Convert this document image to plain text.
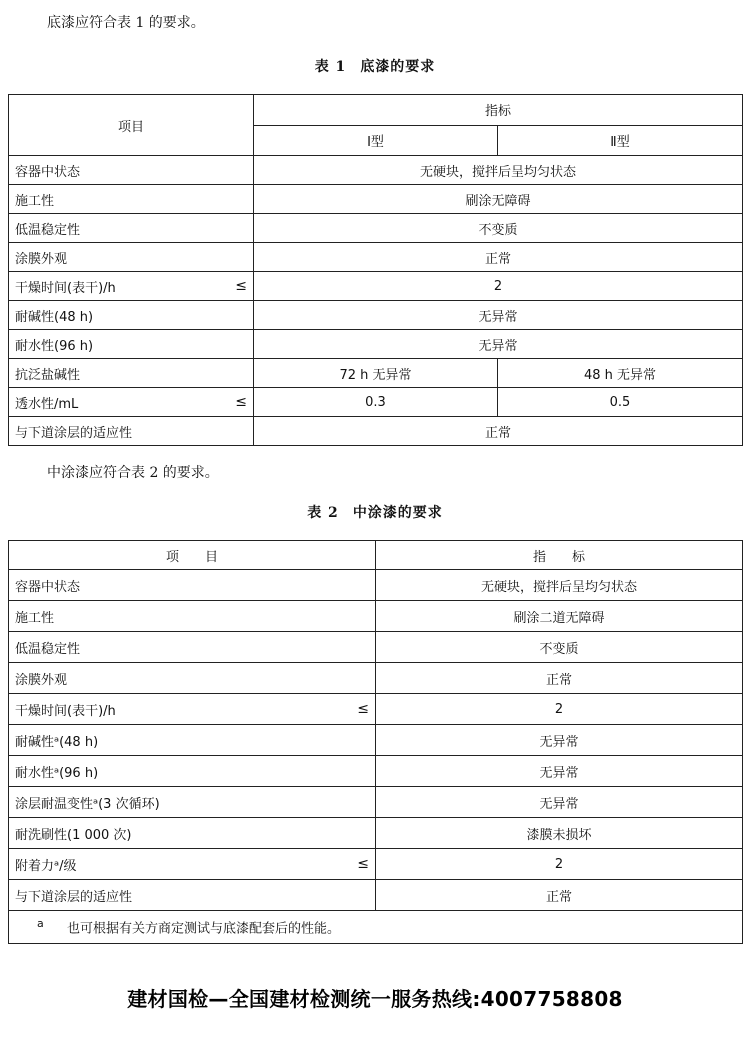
底漆应符合表 1 的要求。
表 1 底漆的要求
项目	指标	
	Ⅰ型	Ⅱ型
容器中状态	无硬块，搅拌后呈均匀状态	
施工性	刷涂无障碍	
低温稳定性	不变质	
涂膜外观	正常	
干燥时间(表干)/h ≤	2	
耐碱性(48 h)	无异常	
耐水性(96 h)	无异常	
抗泛盐碱性	72 h 无异常	48 h 无异常
透水性/mL ≤	0.3	0.5
与下道涂层的适应性	正常	
中涂漆应符合表 2 的要求。
表 2 中涂漆的要求
项　　目	指　　标
容器中状态	无硬块，搅拌后呈均匀状态
施工性	刷涂二道无障碍
低温稳定性	不变质
涂膜外观	正常
干燥时间(表干)/h ≤	2
耐碱性ᵃ(48 h)	无异常
耐水性ᵃ(96 h)	无异常
涂层耐温变性ᵃ(3 次循环)	无异常
耐洗刷性(1 000 次)	漆膜未损坏
附着力ᵃ/级 ≤	2
与下道涂层的适应性	正常
a 也可根据有关方商定测试与底漆配套后的性能。	
建材国检—全国建材检测统一服务热线:4007758808
